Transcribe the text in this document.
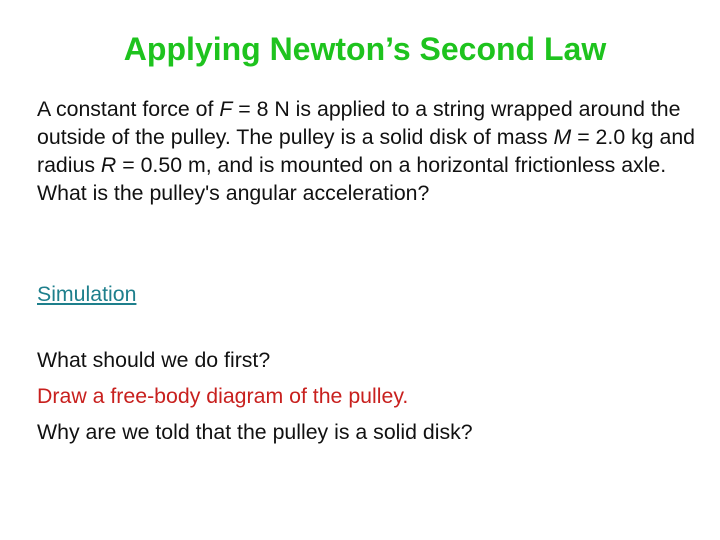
Applying Newton’s Second Law

A constant force of F = 8 N is applied to a string wrapped around the outside of the pulley. The pulley is a solid disk of mass M = 2.0 kg and radius R = 0.50 m, and is mounted on a horizontal frictionless axle. What is the pulley's angular acceleration?

Simulation

What should we do first?

Draw a free-body diagram of the pulley.

Why are we told that the pulley is a solid disk?
